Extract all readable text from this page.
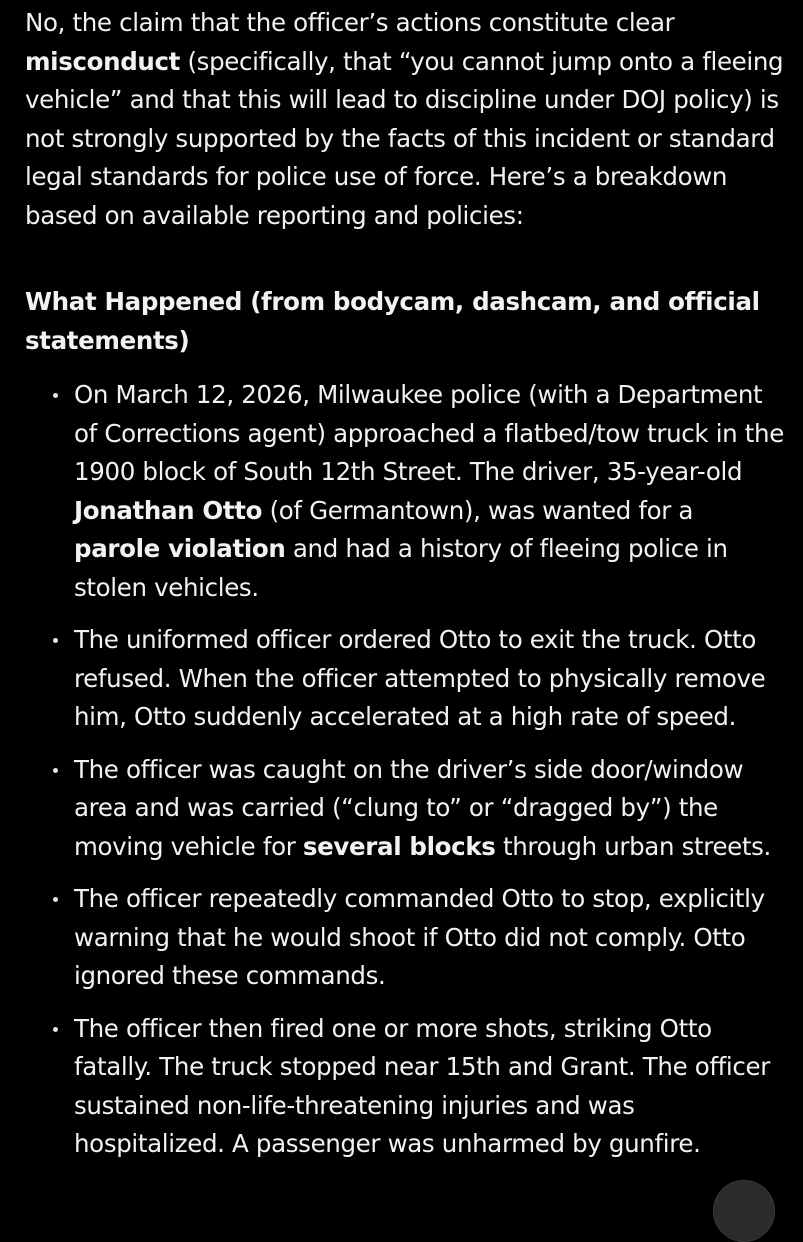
No, the claim that the officer’s actions constitute clear misconduct (specifically, that “you cannot jump onto a fleeing vehicle” and that this will lead to discipline under DOJ policy) is not strongly supported by the facts of this incident or standard legal standards for police use of force. Here’s a breakdown based on available reporting and policies:

What Happened (from bodycam, dashcam, and official statements)

On March 12, 2026, Milwaukee police (with a Department of Corrections agent) approached a flatbed/tow truck in the 1900 block of South 12th Street. The driver, 35-year-old Jonathan Otto (of Germantown), was wanted for a parole violation and had a history of fleeing police in stolen vehicles.
The uniformed officer ordered Otto to exit the truck. Otto refused. When the officer attempted to physically remove him, Otto suddenly accelerated at a high rate of speed.
The officer was caught on the driver’s side door/window area and was carried (“clung to” or “dragged by”) the moving vehicle for several blocks through urban streets.
The officer repeatedly commanded Otto to stop, explicitly warning that he would shoot if Otto did not comply. Otto ignored these commands.
The officer then fired one or more shots, striking Otto fatally. The truck stopped near 15th and Grant. The officer sustained non-life-threatening injuries and was hospitalized. A passenger was unharmed by gunfire.
